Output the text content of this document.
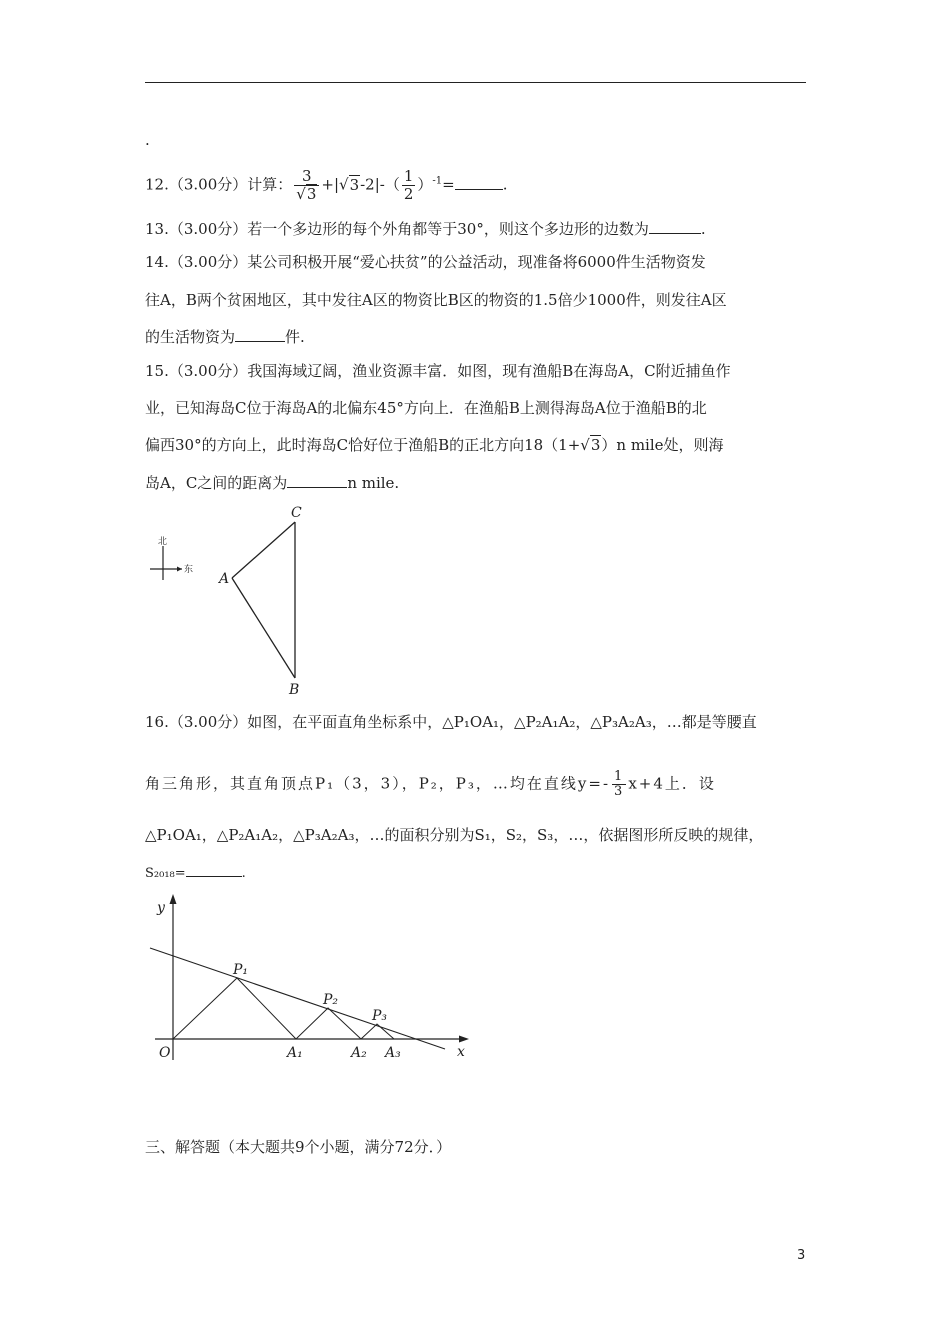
.
12.（3.00分）计算： $\frac{3}{√3} +|√3-2|-( \frac{1}{2} )^{-1}=$	.
13.（3.00分）若一个多边形的每个外角都等于30°，则这个多边形的边数为	.
14.（3.00分）某公司积极开展“爱心扶贫”的公益活动，现准备将6000件生活物资发
往A，B两个贫困地区，其中发往A区的物资比B区的物资的1.5倍少1000件，则发往A区
的生活物资为	件.
15.（3.00分）我国海域辽阔，渔业资源丰富．如图，现有渔船B在海岛A，C附近捕鱼作
业，已知海岛C位于海岛A的北偏东45°方向上．在渔船B上测得海岛A位于渔船B的北
偏西30°的方向上，此时海岛C恰好位于渔船B的正北方向18（1+√3）n mile处，则海
岛A，C之间的距离为	n mile.
C
A
B
北
东
16.（3.00分）如图，在平面直角坐标系中，△P₁OA₁，△P₂A₁A₂，△P₃A₂A₃，…都是等腰直
角三角形，其直角顶点P₁（3，3），P₂，P₃，…均在直线$y=- \frac{1}{3} x+4$上．设
△P₁OA₁，△P₂A₁A₂，△P₃A₂A₃，…的面积分别为S₁，S₂，S₃，…，依据图形所反映的规律，
S₂₀₁₈=	.
y
x
O
P₁
P₂
P₃
A₁	A₂ A₃
三、解答题（本大题共9个小题，满分72分．）
3
